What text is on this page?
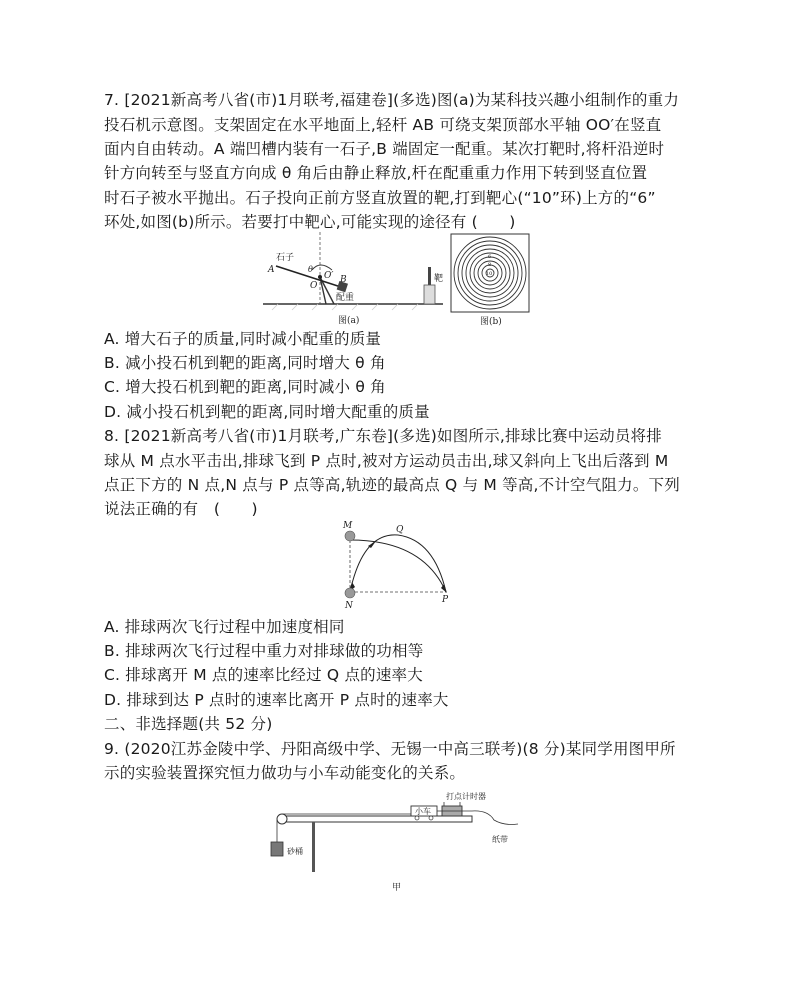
7. [2021新高考八省(市)1月联考,福建卷](多选)图(a)为某科技兴趣小组制作的重力
投石机示意图。支架固定在水平地面上,轻杆 AB 可绕支架顶部水平轴 OO′在竖直
面内自由转动。A 端凹槽内装有一石子,B 端固定一配重。某次打靶时,将杆沿逆时
针方向转至与竖直方向成 θ 角后由静止释放,杆在配重重力作用下转到竖直位置
时石子被水平抛出。石子投向正前方竖直放置的靶,打到靶心(“10”环)上方的“6”
环处,如图(b)所示。若要打中靶心,可能实现的途径有 (　　)
石子
A
B
O
O′
θ
配重
靶
图(a)
6
8
10
图(b)
A. 增大石子的质量,同时减小配重的质量
B. 减小投石机到靶的距离,同时增大 θ 角
C. 增大投石机到靶的距离,同时减小 θ 角
D. 减小投石机到靶的距离,同时增大配重的质量
8. [2021新高考八省(市)1月联考,广东卷](多选)如图所示,排球比赛中运动员将排
球从 M 点水平击出,排球飞到 P 点时,被对方运动员击出,球又斜向上飞出后落到 M
点正下方的 N 点,N 点与 P 点等高,轨迹的最高点 Q 与 M 等高,不计空气阻力。下列
说法正确的有　(　　)
M	Q
N
P
A. 排球两次飞行过程中加速度相同
B. 排球两次飞行过程中重力对排球做的功相等
C. 排球离开 M 点的速率比经过 Q 点的速率大
D. 排球到达 P 点时的速率比离开 P 点时的速率大
二、非选择题(共 52 分)
9. (2020江苏金陵中学、丹阳高级中学、无锡一中高三联考)(8 分)某同学用图甲所
示的实验装置探究恒力做功与小车动能变化的关系。
打点计时器
小车
砂桶
纸带
甲
